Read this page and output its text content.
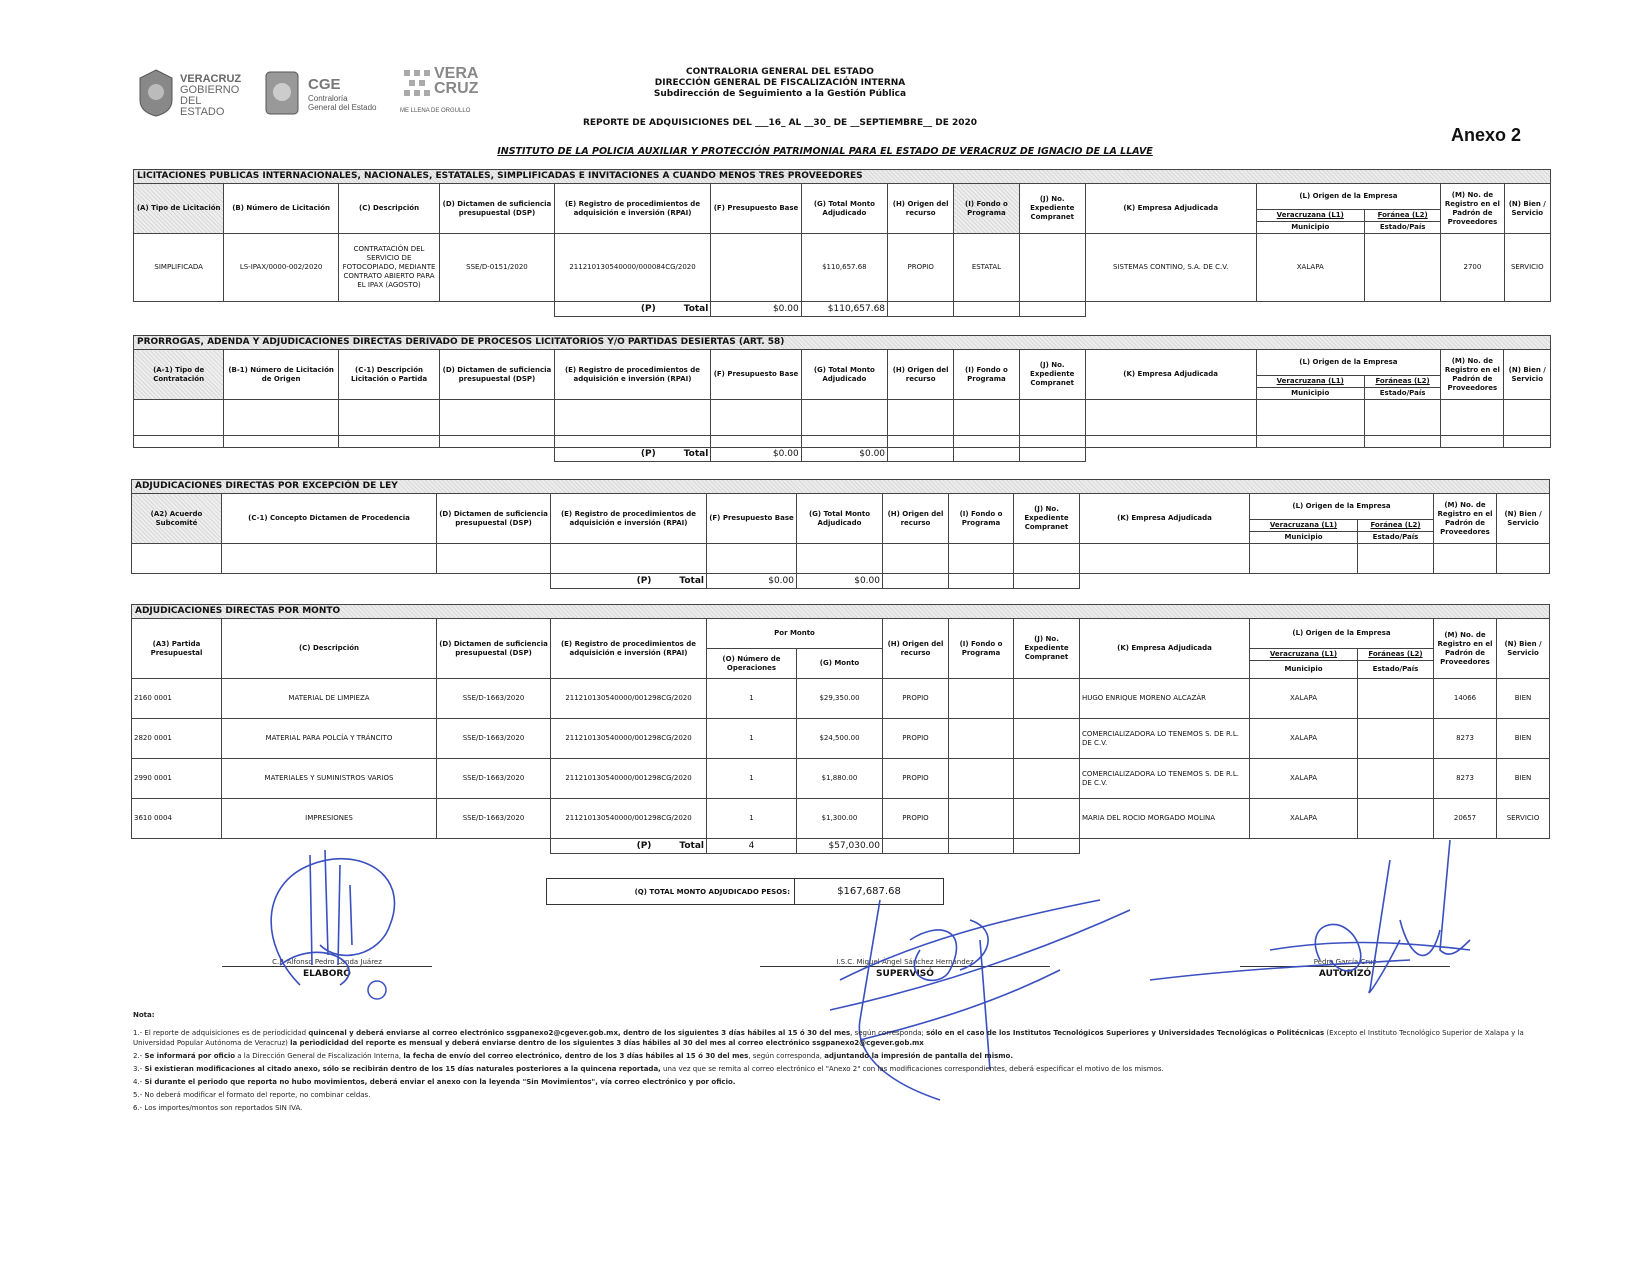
VERACRUZ
GOBIERNO
DEL ESTADO
CGE
Contraloría
General del Estado
VERA
CRUZ
ME LLENA DE ORGULLO
CONTRALORIA GENERAL DEL ESTADO
DIRECCIÓN GENERAL DE FISCALIZACIÓN INTERNA
Subdirección de Seguimiento a la Gestión Pública
REPORTE DE ADQUISICIONES DEL ___16_ AL __30_ DE __SEPTIEMBRE__ DE 2020
Anexo 2
INSTITUTO DE LA POLICIA AUXILIAR Y PROTECCIÓN PATRIMONIAL PARA EL ESTADO DE VERACRUZ DE IGNACIO DE LA LLAVE
LICITACIONES PUBLICAS INTERNACIONALES, NACIONALES, ESTATALES, SIMPLIFICADAS E INVITACIONES A CUANDO MENOS TRES PROVEEDORES														
(A) Tipo de Licitación	(B) Número de Licitación	(C) Descripción	(D) Dictamen de suficiencia presupuestal (DSP)	(E) Registro de procedimientos de adquisición e inversión (RPAI)	(F) Presupuesto Base	(G) Total Monto Adjudicado	(H) Origen del recurso	(I) Fondo o Programa	(J) No. Expediente Compranet	(K) Empresa Adjudicada	(L) Origen de la Empresa		(M) No. de Registro en el Padrón de Proveedores	(N) Bien / Servicio
											Veracruzana (L1)	Foránea (L2)		
											Municipio	Estado/País		
SIMPLIFICADA	LS-IPAX/0000-002/2020	CONTRATACIÓN DEL SERVICIO DE FOTOCOPIADO, MEDIANTE CONTRATO ABIERTO PARA EL IPAX (AGOSTO)	SSE/D-0151/2020	211210130540000/000084CG/2020		$110,657.68	PROPIO	ESTATAL		SISTEMAS CONTINO, S.A. DE C.V.	XALAPA		2700	SERVICIO
				(P) Total	$0.00	$110,657.68								
PRORROGAS, ADENDA Y ADJUDICACIONES DIRECTAS DERIVADO DE PROCESOS LICITATORIOS Y/O PARTIDAS DESIERTAS (ART. 58)														
(A-1) Tipo de Contratación	(B-1) Número de Licitación de Origen	(C-1) Descripción Licitación o Partida	(D) Dictamen de suficiencia presupuestal (DSP)	(E) Registro de procedimientos de adquisición e inversión (RPAI)	(F) Presupuesto Base	(G) Total Monto Adjudicado	(H) Origen del recurso	(I) Fondo o Programa	(J) No. Expediente Compranet	(K) Empresa Adjudicada	(L) Origen de la Empresa		(M) No. de Registro en el Padrón de Proveedores	(N) Bien / Servicio
											Veracruzana (L1)	Foráneas (L2)		
											Municipio	Estado/País		

				(P) Total	$0.00	$0.00								
ADJUDICACIONES DIRECTAS POR EXCEPCIÓN DE LEY													
(A2) Acuerdo Subcomité	(C-1) Concepto Dictamen de Procedencia	(D) Dictamen de suficiencia presupuestal (DSP)	(E) Registro de procedimientos de adquisición e inversión (RPAI)	(F) Presupuesto Base	(G) Total Monto Adjudicado	(H) Origen del recurso	(I) Fondo o Programa	(J) No. Expediente Compranet	(K) Empresa Adjudicada	(L) Origen de la Empresa		(M) No. de Registro en el Padrón de Proveedores	(N) Bien / Servicio
										Veracruzana (L1)	Foránea (L2)		
										Municipio	Estado/País		

			(P) Total	$0.00	$0.00								
ADJUDICACIONES DIRECTAS POR MONTO													
(A3) Partida Presupuestal	(C) Descripción	(D) Dictamen de suficiencia presupuestal (DSP)	(E) Registro de procedimientos de adquisición e inversión (RPAI)	Por Monto		(H) Origen del recurso	(I) Fondo o Programa	(J) No. Expediente Compranet	(K) Empresa Adjudicada	(L) Origen de la Empresa		(M) No. de Registro en el Padrón de Proveedores	(N) Bien / Servicio
				(O) Número de Operaciones	(G) Monto					Veracruzana (L1)	Foráneas (L2)		
										Municipio	Estado/País		
2160 0001	MATERIAL DE LIMPIEZA	SSE/D-1663/2020	211210130540000/001298CG/2020	1	$29,350.00	PROPIO			HUGO ENRIQUE MORENO ALCAZÁR	XALAPA		14066	BIEN
2820 0001	MATERIAL PARA POLCÍA Y TRÁNCITO	SSE/D-1663/2020	211210130540000/001298CG/2020	1	$24,500.00	PROPIO			COMERCIALIZADORA LO TENEMOS S. DE R.L. DE C.V.	XALAPA		8273	BIEN
2990 0001	MATERIALES Y SUMINISTROS VARIOS	SSE/D-1663/2020	211210130540000/001298CG/2020	1	$1,880.00	PROPIO			COMERCIALIZADORA LO TENEMOS S. DE R.L. DE C.V.	XALAPA		8273	BIEN
3610 0004	IMPRESIONES	SSE/D-1663/2020	211210130540000/001298CG/2020	1	$1,300.00	PROPIO			MARIA DEL ROCIO MORGADO MOLINA	XALAPA		20657	SERVICIO
			(P) Total	4	$57,030.00								
(Q) TOTAL MONTO ADJUDICADO PESOS:	$167,687.68
C.P. Alfonso Pedro Landa Juárez
ELABORÓ
I.S.C. Miguel Ángel Sánchez Hernández
SUPERVISÓ
Pedro García Cruz
AUTORIZÓ

Nota:

1.- El reporte de adquisiciones es de periodicidad quincenal y deberá enviarse al correo electrónico ssgpanexo2@cgever.gob.mx, dentro de los siguientes 3 días hábiles al 15 ó 30 del mes, según corresponda; sólo en el caso de los Institutos Tecnológicos Superiores y Universidades Tecnológicas o Politécnicas (Excepto el Instituto Tecnológico Superior de Xalapa y la Universidad Popular Autónoma de Veracruz) la periodicidad del reporte es mensual y deberá enviarse dentro de los siguientes 3 días hábiles al 30 del mes al correo electrónico ssgpanexo2@cgever.gob.mx

2.- Se informará por oficio a la Dirección General de Fiscalización Interna, la fecha de envío del correo electrónico, dentro de los 3 días hábiles al 15 ó 30 del mes, según corresponda, adjuntando la impresión de pantalla del mismo.

3.- Si existieran modificaciones al citado anexo, sólo se recibirán dentro de los 15 días naturales posteriores a la quincena reportada, una vez que se remita al correo electrónico el "Anexo 2" con las modificaciones correspondientes, deberá especificar el motivo de los mismos.

4.- Si durante el periodo que reporta no hubo movimientos, deberá enviar el anexo con la leyenda "Sin Movimientos", vía correo electrónico y por oficio.

5.- No deberá modificar el formato del reporte, no combinar celdas.

6.- Los importes/montos son reportados SIN IVA.
